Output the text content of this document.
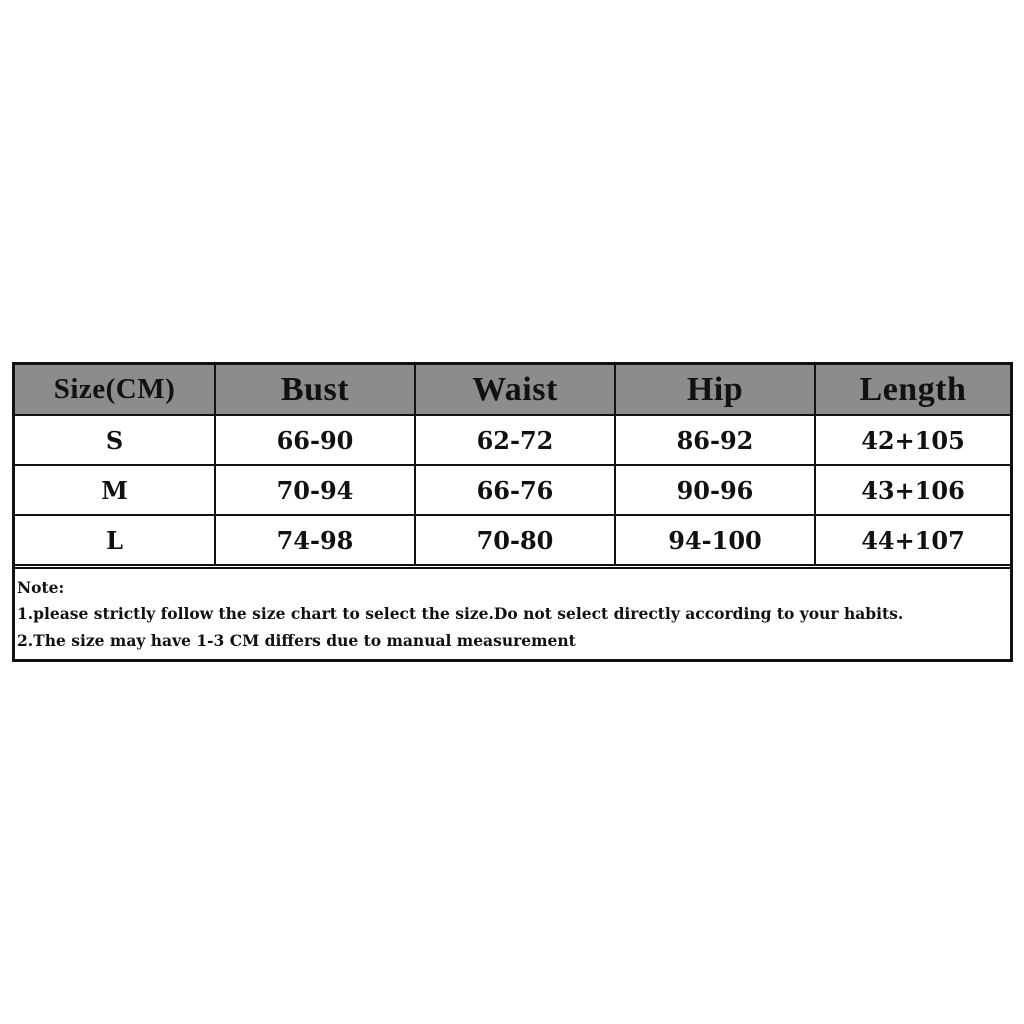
Size(CM)	Bust	Waist	Hip	Length
S	66-90	62-72	86-92	42+105
M	70-94	66-76	90-96	43+106
L	74-98	70-80	94-100	44+107
Note:
1.please strictly follow the size chart to select the size.Do not select directly according to your habits.
2.The size may have 1-3 CM differs due to manual measurement
